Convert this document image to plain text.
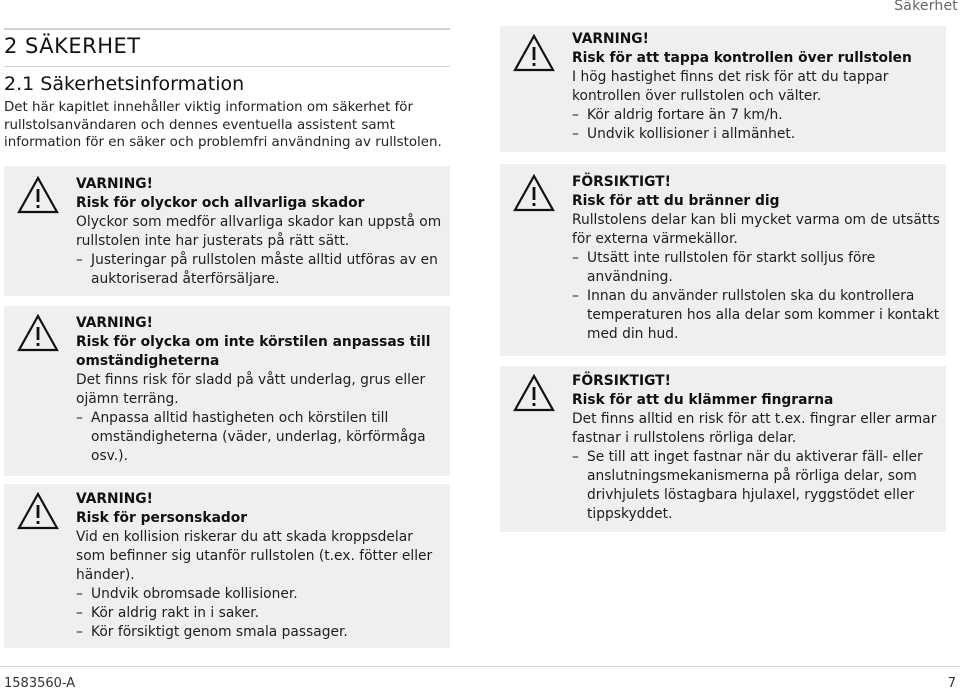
Säkerhet
2 SÄKERHET
2.1 Säkerhetsinformation

Det här kapitlet innehåller viktig information om säkerhet för rullstolsanvändaren och dennes eventuella assistent samt information för en säker och problemfri användning av rullstolen.

VARNING!
Risk för olyckor och allvarliga skador
Olyckor som medför allvarliga skador kan uppstå om rullstolen inte har justerats på rätt sätt.
– Justeringar på rullstolen måste alltid utföras av en auktoriserad återförsäljare.
VARNING!
Risk för olycka om inte körstilen anpassas till omständigheterna
Det finns risk för sladd på vått underlag, grus eller ojämn terräng.
– Anpassa alltid hastigheten och körstilen till omständigheterna (väder, underlag, körförmåga osv.).
VARNING!
Risk för personskador
Vid en kollision riskerar du att skada kroppsdelar som befinner sig utanför rullstolen (t.ex. fötter eller händer).
– Undvik obromsade kollisioner.
– Kör aldrig rakt in i saker.
– Kör försiktigt genom smala passager.
VARNING!
Risk för att tappa kontrollen över rullstolen
I hög hastighet finns det risk för att du tappar kontrollen över rullstolen och välter.
– Kör aldrig fortare än 7 km/h.
– Undvik kollisioner i allmänhet.
FÖRSIKTIGT!
Risk för att du bränner dig
Rullstolens delar kan bli mycket varma om de utsätts för externa värmekällor.
– Utsätt inte rullstolen för starkt solljus före användning.
– Innan du använder rullstolen ska du kontrollera temperaturen hos alla delar som kommer i kontakt med din hud.
FÖRSIKTIGT!
Risk för att du klämmer fingrarna
Det finns alltid en risk för att t.ex. fingrar eller armar fastnar i rullstolens rörliga delar.
– Se till att inget fastnar när du aktiverar fäll- eller anslutningsmekanismerna på rörliga delar, som drivhjulets löstagbara hjulaxel, ryggstödet eller tippskyddet.
1583560-A	7
